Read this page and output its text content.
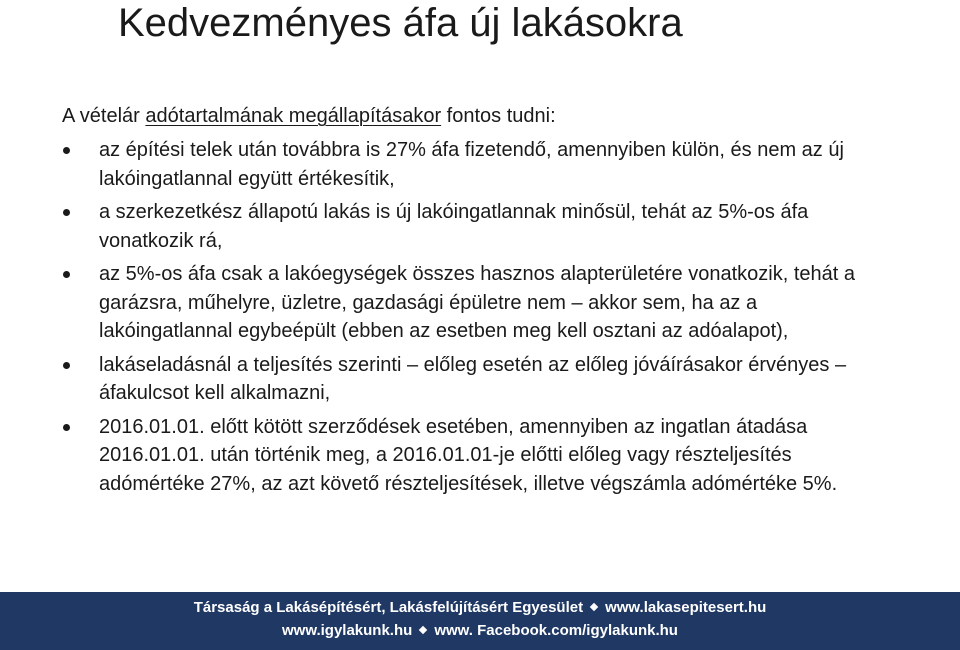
Kedvezményes áfa új lakásokra

A vételár adótartalmának megállapításakor fontos tudni:

az építési telek után továbbra is 27% áfa fizetendő, amennyiben külön, és nem az új lakóingatlannal együtt értékesítik,
a szerkezetkész állapotú lakás is új lakóingatlannak minősül, tehát az 5%-os áfa vonatkozik rá,
az 5%-os áfa csak a lakóegységek összes hasznos alapterületére vonatkozik, tehát a garázsra, műhelyre, üzletre, gazdasági épületre nem – akkor sem, ha az a lakóingatlannal egybeépült (ebben az esetben meg kell osztani az adóalapot),
lakáseladásnál a teljesítés szerinti – előleg esetén az előleg jóváírásakor érvényes – áfakulcsot kell alkalmazni,
2016.01.01. előtt kötött szerződések esetében, amennyiben az ingatlan átadása 2016.01.01. után történik meg, a 2016.01.01-je előtti előleg vagy részteljesítés adómértéke 27%, az azt követő részteljesítések, illetve végszámla adómértéke 5%.
Társaság a Lakásépítésért, Lakásfelújításért Egyesület www.lakasepitesert.hu
www.igylakunk.hu www. Facebook.com/igylakunk.hu
